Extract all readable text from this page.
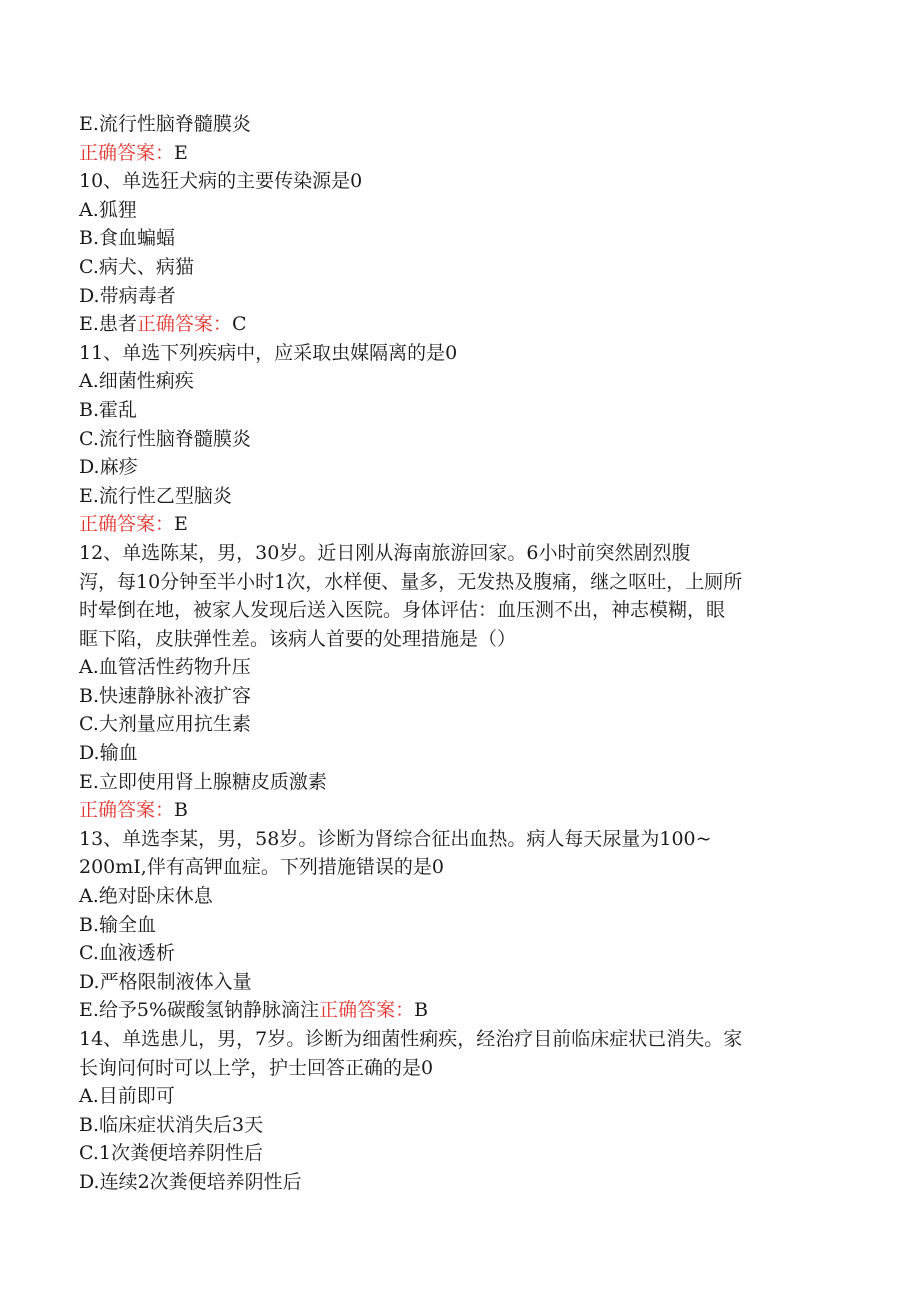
E.流行性脑脊髓膜炎

正确答案：E

10、单选狂犬病的主要传染源是0

A.狐狸

B.食血蝙蝠

C.病犬、病猫

D.带病毒者

E.患者正确答案：C

11、单选下列疾病中，应采取虫媒隔离的是0

A.细菌性痢疾

B.霍乱

C.流行性脑脊髓膜炎

D.麻疹

E.流行性乙型脑炎

正确答案：E

12、单选陈某，男，30岁。近日刚从海南旅游回家。6小时前突然剧烈腹

泻，每10分钟至半小时1次，水样便、量多，无发热及腹痛，继之呕吐，上厕所

时晕倒在地，被家人发现后送入医院。身体评估：血压测不出，神志模糊，眼

眶下陷，皮肤弹性差。该病人首要的处理措施是（）

A.血管活性药物升压

B.快速静脉补液扩容

C.大剂量应用抗生素

D.输血

E.立即使用肾上腺糖皮质激素

正确答案：B

13、单选李某，男，58岁。诊断为肾综合征出血热。病人每天尿量为100~

200mI,伴有高钾血症。下列措施错误的是0

A.绝对卧床休息

B.输全血

C.血液透析

D.严格限制液体入量

E.给予5%碳酸氢钠静脉滴注正确答案：B

14、单选患儿，男，7岁。诊断为细菌性痢疾，经治疗目前临床症状已消失。家

长询问何时可以上学，护士回答正确的是0

A.目前即可

B.临床症状消失后3天

C.1次粪便培养阴性后

D.连续2次粪便培养阴性后
